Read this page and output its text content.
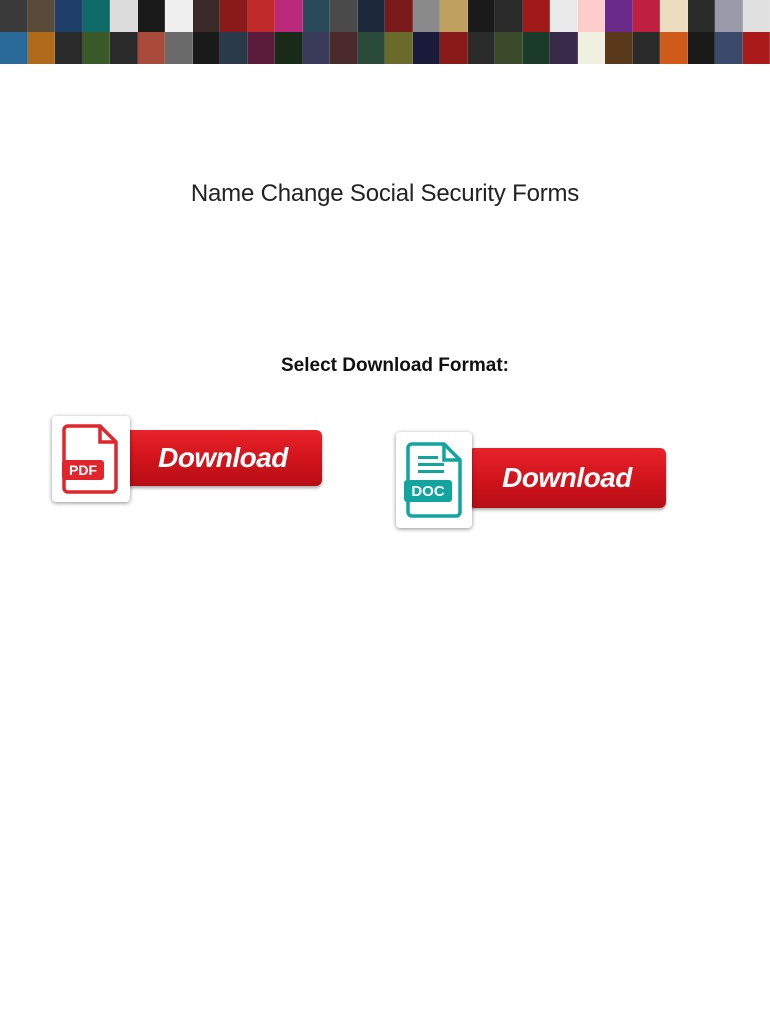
Name Change Social Security Forms
Select Download Format:
Download
PDF	Download
DOC
